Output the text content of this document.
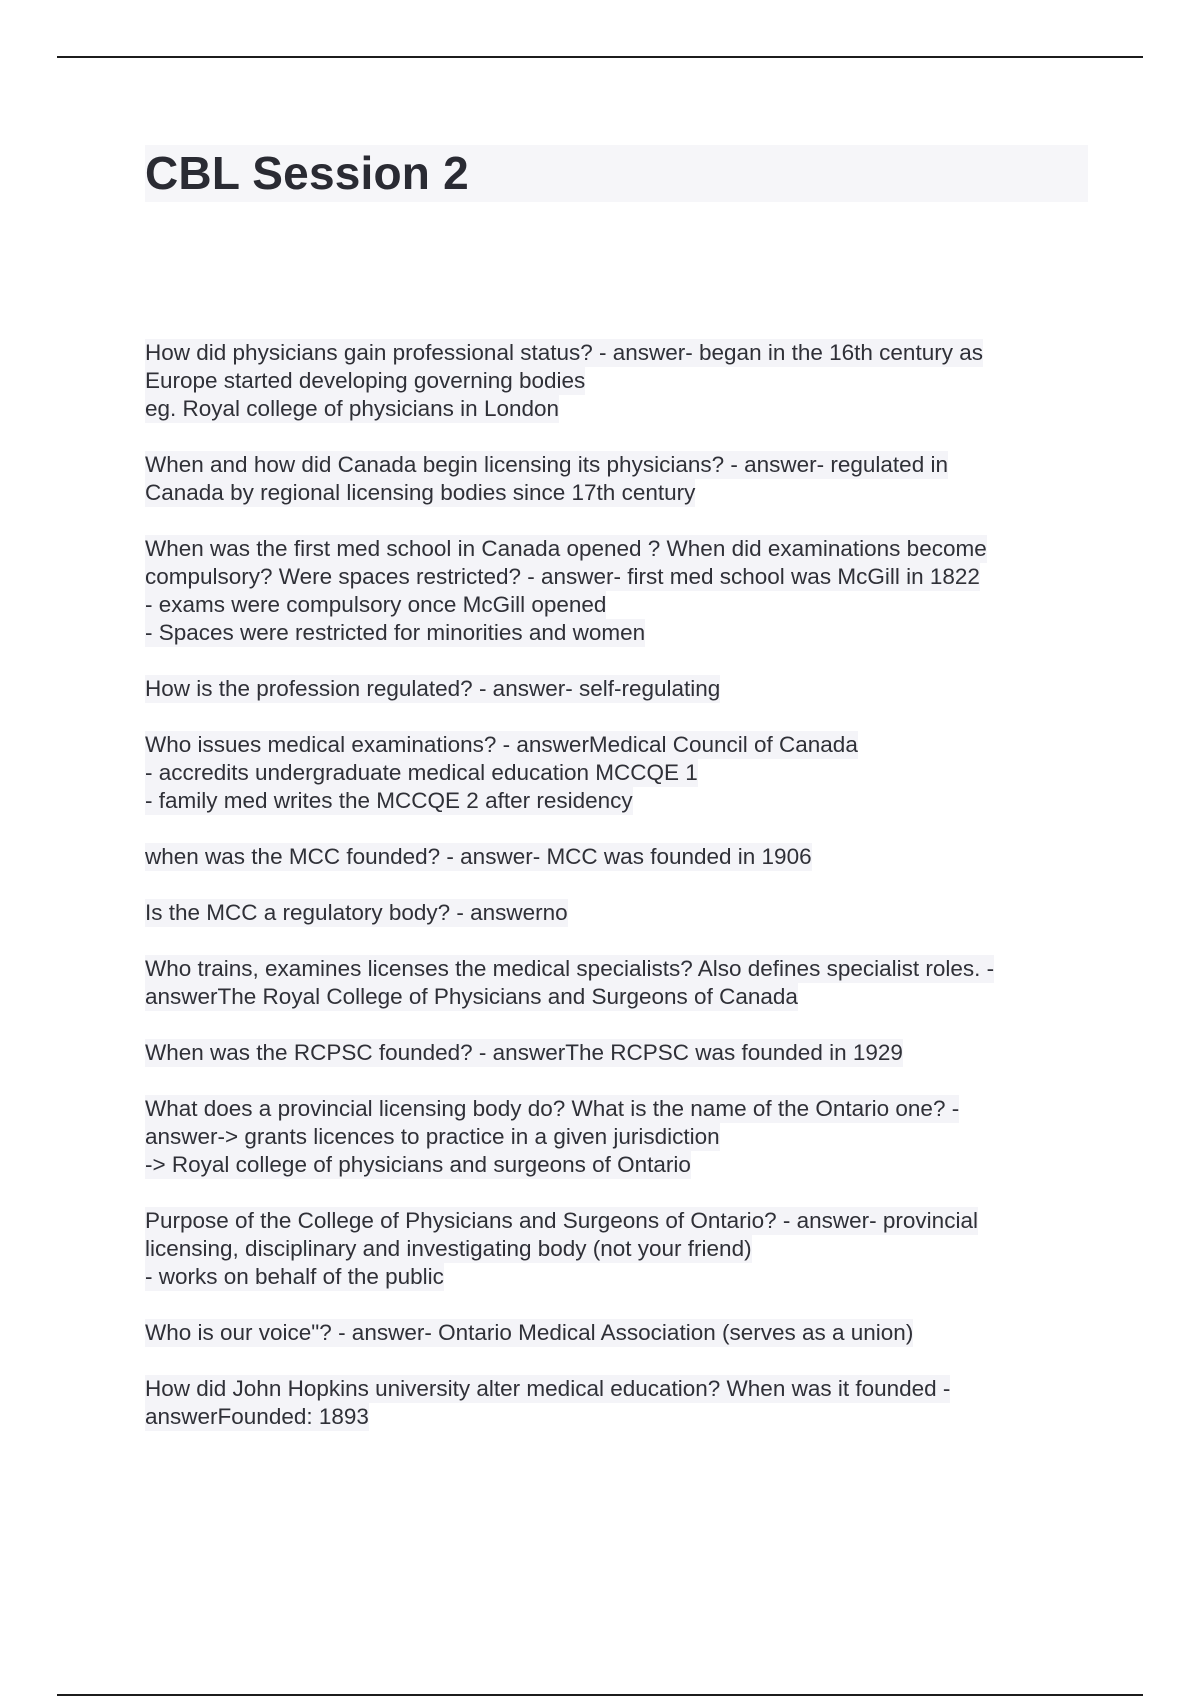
CBL Session 2
How did physicians gain professional status? - answer- began in the 16th century as
Europe started developing governing bodies
eg. Royal college of physicians in London
When and how did Canada begin licensing its physicians? - answer- regulated in
Canada by regional licensing bodies since 17th century
When was the first med school in Canada opened ? When did examinations become
compulsory? Were spaces restricted? - answer- first med school was McGill in 1822
- exams were compulsory once McGill opened
- Spaces were restricted for minorities and women
How is the profession regulated? - answer- self-regulating
Who issues medical examinations? - answerMedical Council of Canada
- accredits undergraduate medical education MCCQE 1
- family med writes the MCCQE 2 after residency
when was the MCC founded? - answer- MCC was founded in 1906
Is the MCC a regulatory body? - answerno
Who trains, examines licenses the medical specialists? Also defines specialist roles. -
answerThe Royal College of Physicians and Surgeons of Canada
When was the RCPSC founded? - answerThe RCPSC was founded in 1929
What does a provincial licensing body do? What is the name of the Ontario one? -
answer-> grants licences to practice in a given jurisdiction
-> Royal college of physicians and surgeons of Ontario
Purpose of the College of Physicians and Surgeons of Ontario? - answer- provincial
licensing, disciplinary and investigating body (not your friend)
- works on behalf of the public
Who is our voice"? - answer- Ontario Medical Association (serves as a union)
How did John Hopkins university alter medical education? When was it founded -
answerFounded: 1893
